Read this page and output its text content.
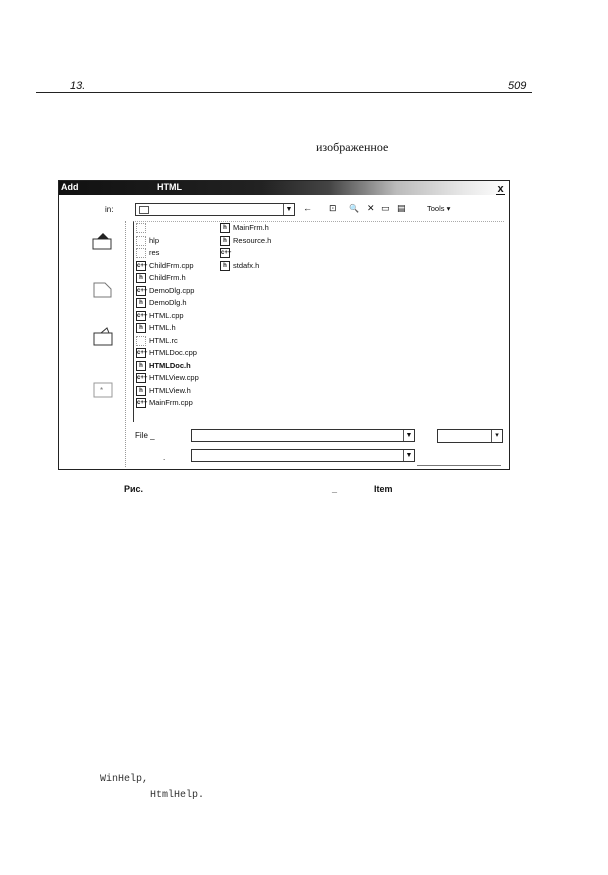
13.	509
изображенное
Add	HTML	x
in:	▼ ← ⊡ 🔍 ✕ ▭ ▤	Tools ▾
*
hlp
res
c++ ChildFrm.cpp
h ChildFrm.h
c++ DemoDlg.cpp
h DemoDlg.h
c++ HTML.cpp
h HTML.h
HTML.rc
c++ HTMLDoc.cpp
h HTMLDoc.h
c++ HTMLView.cpp
h HTMLView.h
c++ MainFrm.cpp
h MainFrm.h
h Resource.h
c++
h stdafx.h
File _	▼
.	▼
▾
Рис.	_	Item
WinHelp,
HtmlHelp.
